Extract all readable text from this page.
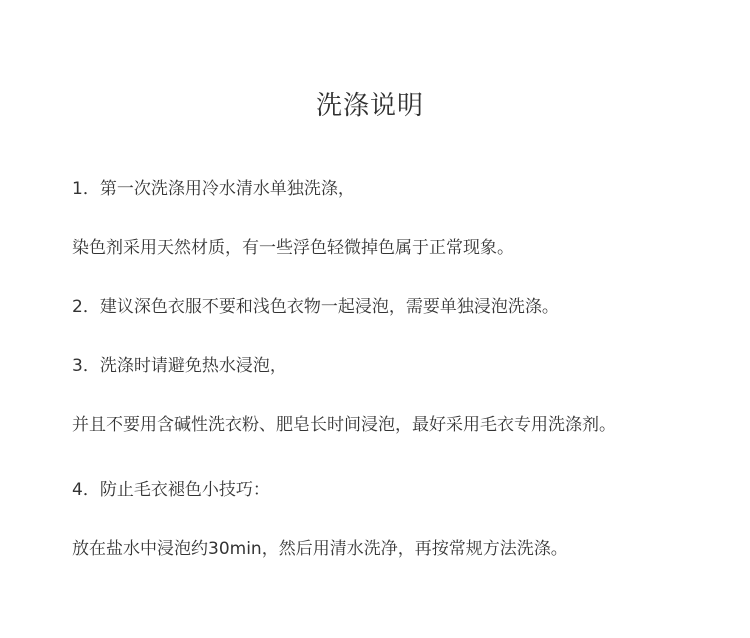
洗涤说明
1．第一次洗涤用冷水清水单独洗涤，
染色剂采用天然材质，有一些浮色轻微掉色属于正常现象。
2．建议深色衣服不要和浅色衣物一起浸泡，需要单独浸泡洗涤。
3．洗涤时请避免热水浸泡，
并且不要用含碱性洗衣粉、肥皂长时间浸泡，最好采用毛衣专用洗涤剂。
4．防止毛衣褪色小技巧：
放在盐水中浸泡约30min，然后用清水洗净，再按常规方法洗涤。
